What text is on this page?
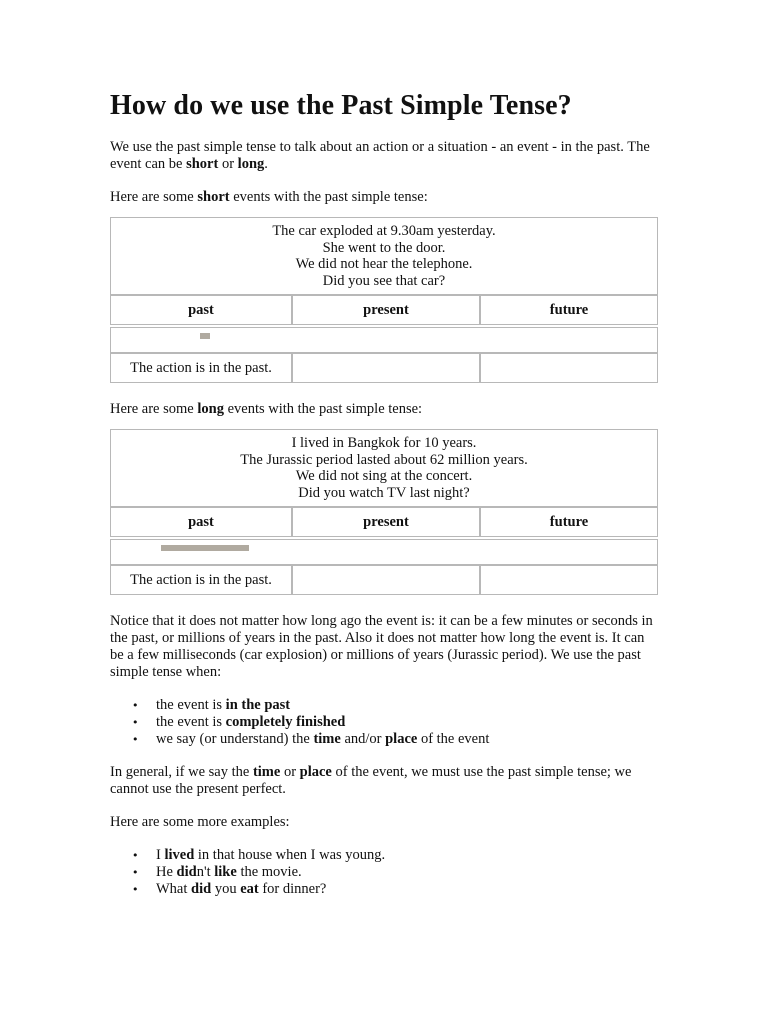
How do we use the Past Simple Tense?

We use the past simple tense to talk about an action or a situation - an event - in the past. The event can be short or long.

Here are some short events with the past simple tense:

The car exploded at 9.30am yesterday.
She went to the door.
We did not hear the telephone.
Did you see that car?		

past	present	future

The action is in the past.		

Here are some long events with the past simple tense:

I lived in Bangkok for 10 years.
The Jurassic period lasted about 62 million years.
We did not sing at the concert.
Did you watch TV last night?		

past	present	future

The action is in the past.		

Notice that it does not matter how long ago the event is: it can be a few minutes or seconds in the past, or millions of years in the past. Also it does not matter how long the event is. It can be a few milliseconds (car explosion) or millions of years (Jurassic period). We use the past simple tense when:

• the event is in the past
• the event is completely finished
• we say (or understand) the time and/or place of the event

In general, if we say the time or place of the event, we must use the past simple tense; we cannot use the present perfect.

Here are some more examples:

• I lived in that house when I was young.
• He didn't like the movie.
• What did you eat for dinner?
